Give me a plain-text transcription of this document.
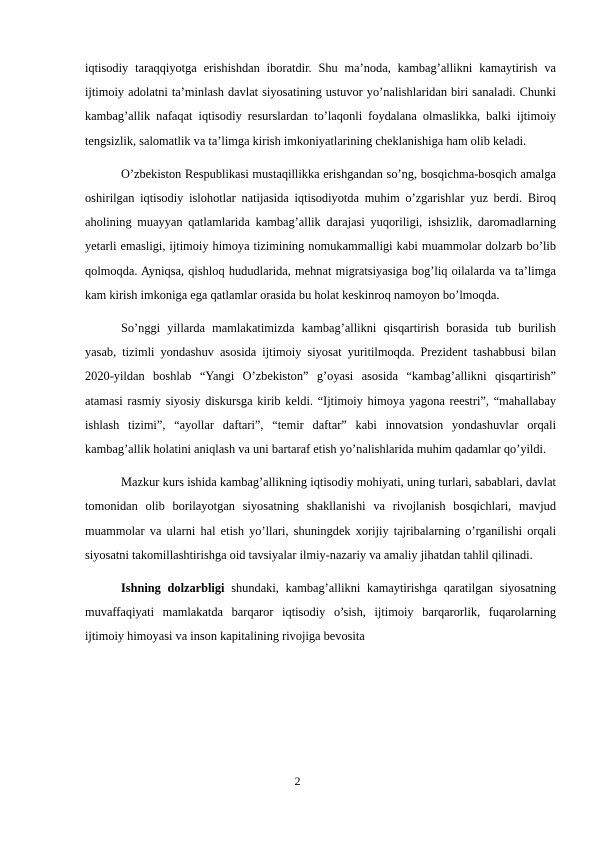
iqtisodiy taraqqiyotga erishishdan iboratdir. Shu ma’noda, kambag’allikni kamaytirish va ijtimoiy adolatni ta’minlash davlat siyosatining ustuvor yo’nalishlaridan biri sanaladi. Chunki kambag’allik nafaqat iqtisodiy resurslardan to’laqonli foydalana olmaslikka, balki ijtimoiy tengsizlik, salomatlik va ta’limga kirish imkoniyatlarining cheklanishiga ham olib keladi.

O’zbekiston Respublikasi mustaqillikka erishgandan so’ng, bosqichma-bosqich amalga oshirilgan iqtisodiy islohotlar natijasida iqtisodiyotda muhim o’zgarishlar yuz berdi. Biroq aholining muayyan qatlamlarida kambag’allik darajasi yuqoriligi, ishsizlik, daromadlarning yetarli emasligi, ijtimoiy himoya tizimining nomukammalligi kabi muammolar dolzarb bo’lib qolmoqda. Ayniqsa, qishloq hududlarida, mehnat migratsiyasiga bog’liq oilalarda va ta’limga kam kirish imkoniga ega qatlamlar orasida bu holat keskinroq namoyon bo’lmoqda.

So’nggi yillarda mamlakatimizda kambag’allikni qisqartirish borasida tub burilish yasab, tizimli yondashuv asosida ijtimoiy siyosat yuritilmoqda. Prezident tashabbusi bilan 2020-yildan boshlab “Yangi O’zbekiston” g’oyasi asosida “kambag’allikni qisqartirish” atamasi rasmiy siyosiy diskursga kirib keldi. “Ijtimoiy himoya yagona reestri”, “mahallabay ishlash tizimi”, “ayollar daftari”, “temir daftar” kabi innovatsion yondashuvlar orqali kambag’allik holatini aniqlash va uni bartaraf etish yo’nalishlarida muhim qadamlar qo’yildi.

Mazkur kurs ishida kambag’allikning iqtisodiy mohiyati, uning turlari, sabablari, davlat tomonidan olib borilayotgan siyosatning shakllanishi va rivojlanish bosqichlari, mavjud muammolar va ularni hal etish yo’llari, shuningdek xorijiy tajribalarning o’rganilishi orqali siyosatni takomillashtirishga oid tavsiyalar ilmiy-nazariy va amaliy jihatdan tahlil qilinadi.

Ishning dolzarbligi shundaki, kambag’allikni kamaytirishga qaratilgan siyosatning muvaffaqiyati mamlakatda barqaror iqtisodiy o’sish, ijtimoiy barqarorlik, fuqarolarning ijtimoiy himoyasi va inson kapitalining rivojiga bevosita

2
